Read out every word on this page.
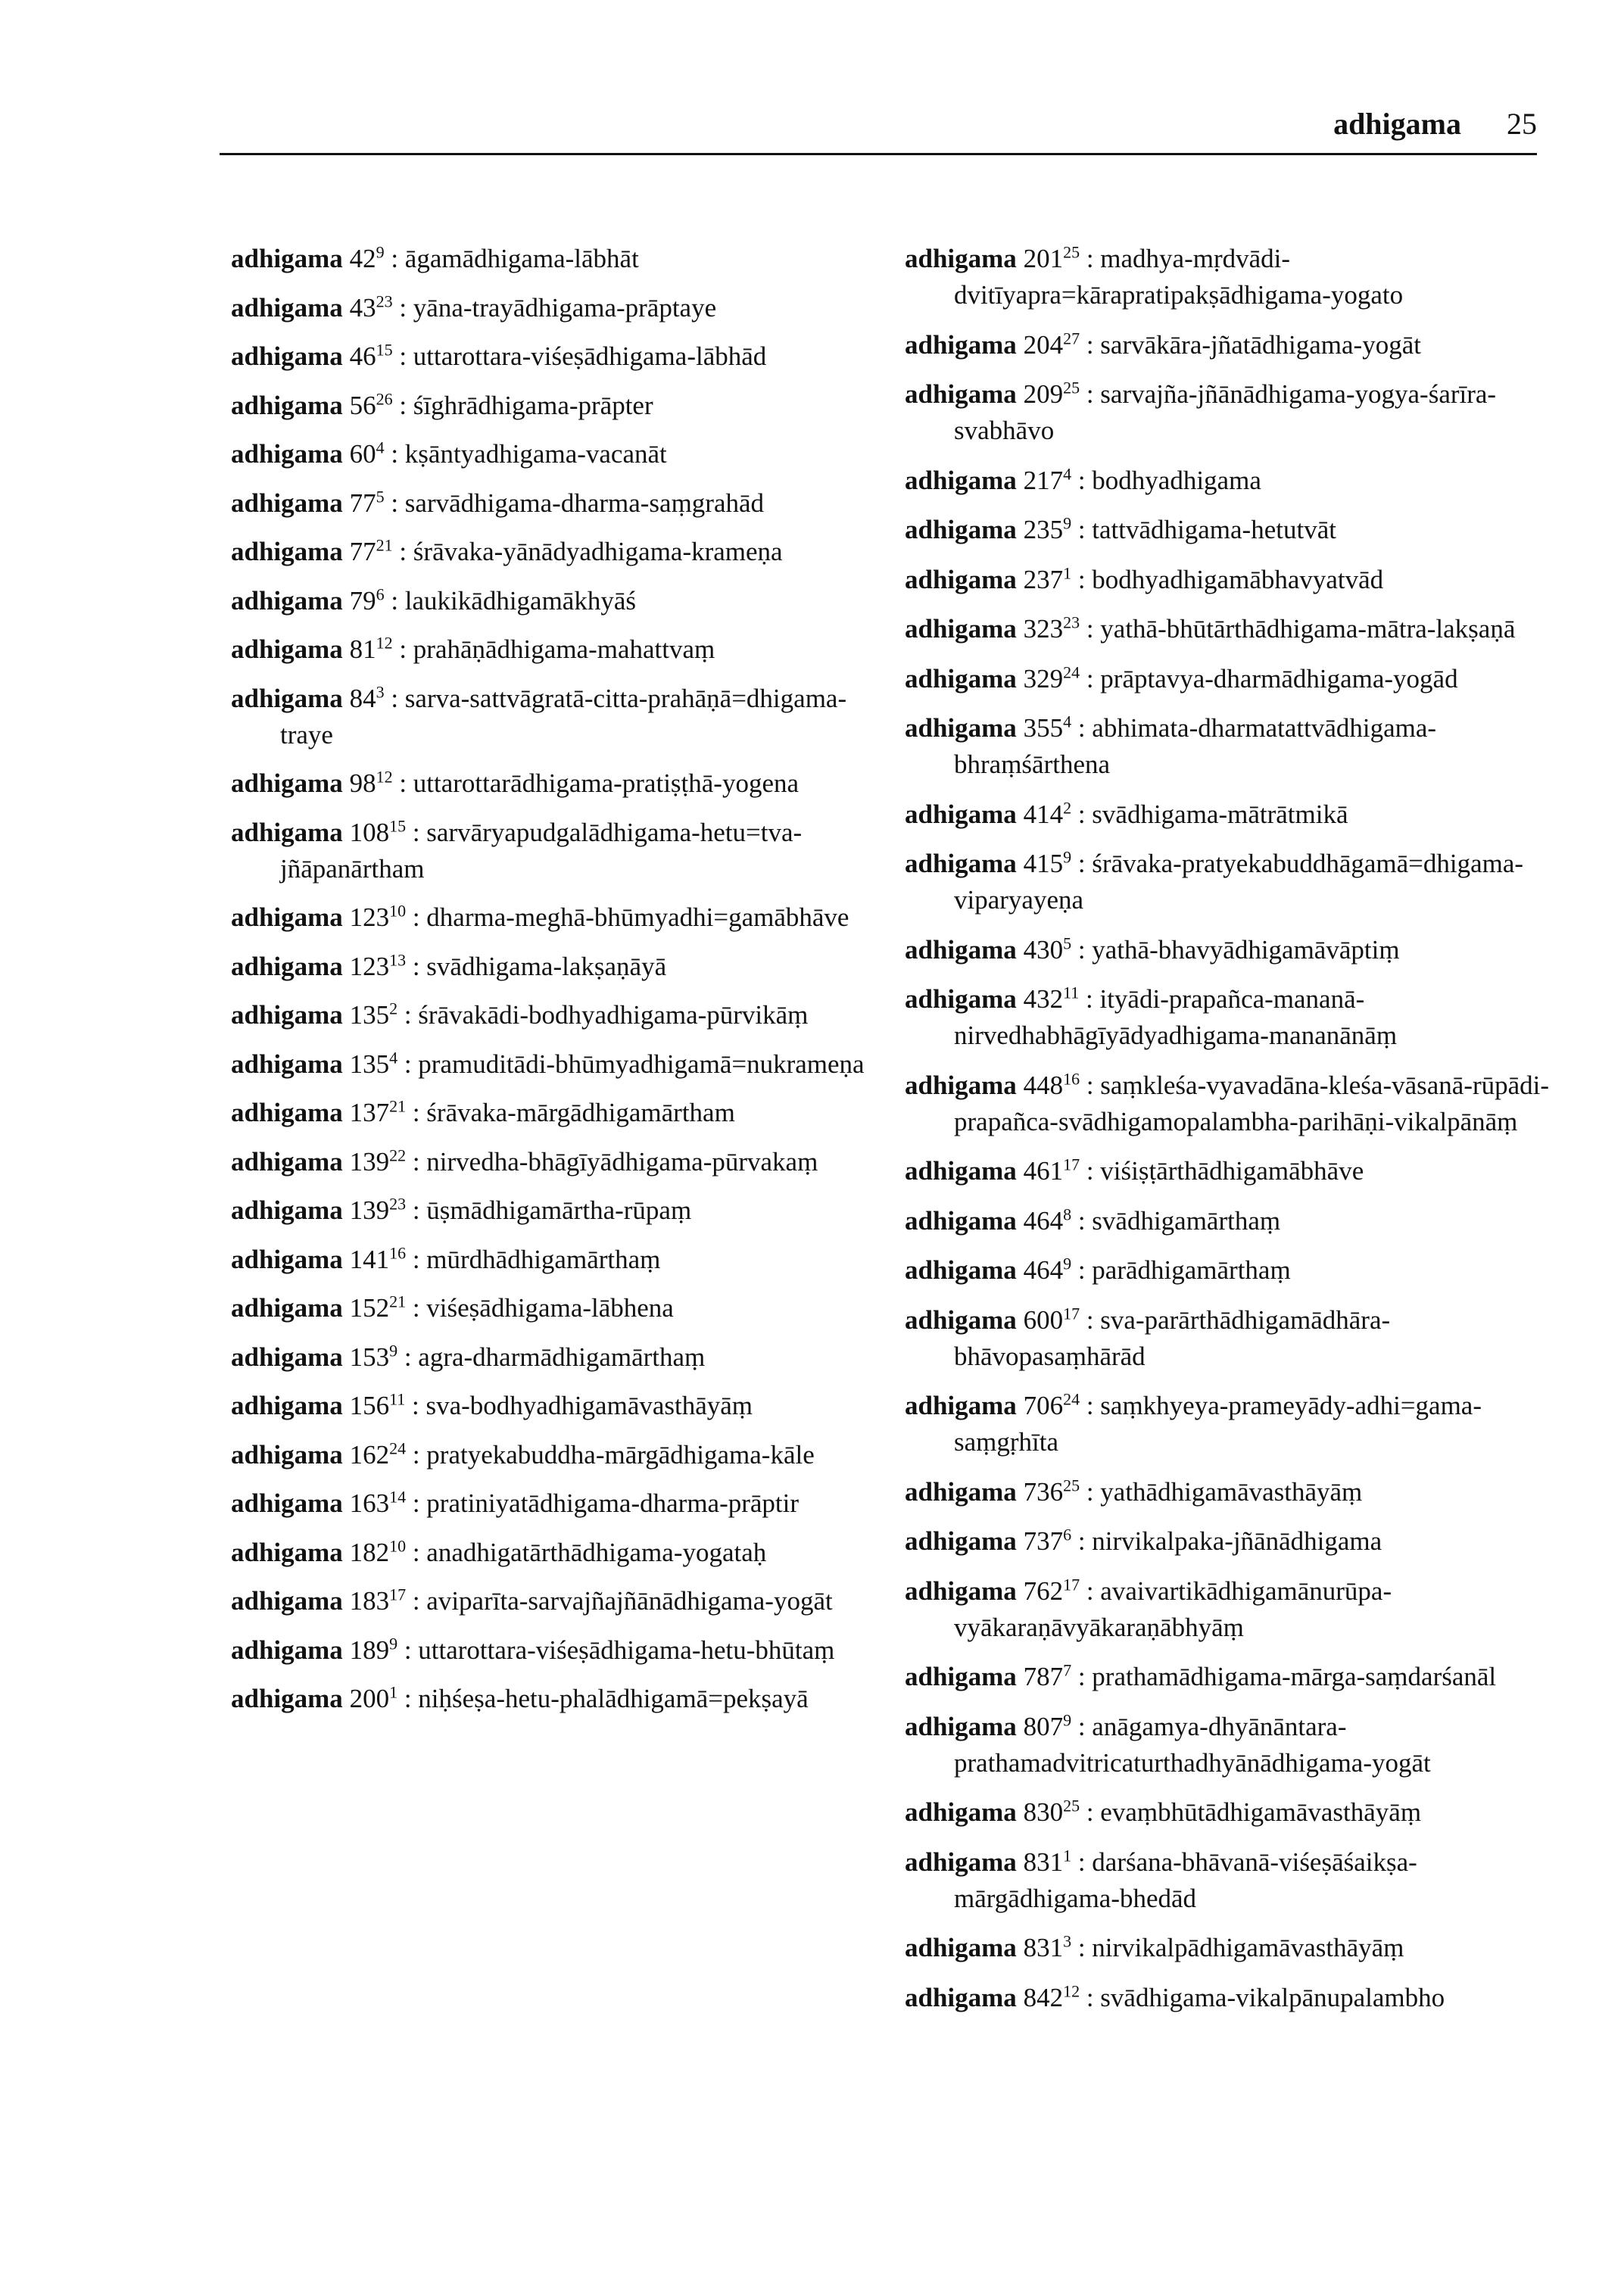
adhigama 25
adhigama $42^9$ : āgamādhigama-lābhāt
adhigama $43^{23}$ : yāna-trayādhigama-prāptaye
adhigama $46^{15}$ : uttarottara-viśeṣādhigama-lābhād
adhigama $56^{26}$ : śīghrādhigama-prāpter
adhigama $60^4$ : kṣāntyadhigama-vacanāt
adhigama $77^5$ : sarvādhigama-dharma-saṃgrahād
adhigama $77^{21}$ : śrāvaka-yānādyadhigama-krameṇa
adhigama $79^6$ : laukikādhigamākhyāś
adhigama $81^{12}$ : prahāṇādhigama-mahattvaṃ
adhigama $84^3$ : sarva-sattvāgratā-citta-prahāṇā=dhigama-traye
adhigama $98^{12}$ : uttarottarādhigama-pratiṣṭhā-yogena
adhigama $108^{15}$ : sarvāryapudgalādhigama-hetu=tva-jñāpanārtham
adhigama $123^{10}$ : dharma-meghā-bhūmyadhi=gamābhāve
adhigama $123^{13}$ : svādhigama-lakṣaṇāyā
adhigama $135^2$ : śrāvakādi-bodhyadhigama-pūrvikāṃ
adhigama $135^4$ : pramuditādi-bhūmyadhigamā=nukrameṇa
adhigama $137^{21}$ : śrāvaka-mārgādhigamārtham
adhigama $139^{22}$ : nirvedha-bhāgīyādhigama-pūrvakaṃ
adhigama $139^{23}$ : ūṣmādhigamārtha-rūpaṃ
adhigama $141^{16}$ : mūrdhādhigamārthaṃ
adhigama $152^{21}$ : viśeṣādhigama-lābhena
adhigama $153^9$ : agra-dharmādhigamārthaṃ
adhigama $156^{11}$ : sva-bodhyadhigamāvasthāyāṃ
adhigama $162^{24}$ : pratyekabuddha-mārgādhigama-kāle
adhigama $163^{14}$ : pratiniyatādhigama-dharma-prāptir
adhigama $182^{10}$ : anadhigatārthādhigama-yogataḥ
adhigama $183^{17}$ : aviparīta-sarvajñajñānādhigama-yogāt
adhigama $189^9$ : uttarottara-viśeṣādhigama-hetu-bhūtaṃ
adhigama $200^1$ : niḥśeṣa-hetu-phalādhigamā=pekṣayā
adhigama $201^{25}$ : madhya-mṛdvādi-dvitīyapra=kārapratipakṣādhigama-yogato
adhigama $204^{27}$ : sarvākāra-jñatādhigama-yogāt
adhigama $209^{25}$ : sarvajña-jñānādhigama-yogya-śarīra-svabhāvo
adhigama $217^4$ : bodhyadhigama
adhigama $235^9$ : tattvādhigama-hetutvāt
adhigama $237^1$ : bodhyadhigamābhavyatvād
adhigama $323^{23}$ : yathā-bhūtārthādhigama-mātra-lakṣaṇā
adhigama $329^{24}$ : prāptavya-dharmādhigama-yogād
adhigama $355^4$ : abhimata-dharmatattvādhigama-bhraṃśārthena
adhigama $414^2$ : svādhigama-mātrātmikā
adhigama $415^9$ : śrāvaka-pratyekabuddhāgamā=dhigama-viparyayeṇa
adhigama $430^5$ : yathā-bhavyādhigamāvāptiṃ
adhigama $432^{11}$ : ityādi-prapañca-mananā-nirvedhabhāgīyādyadhigama-mananānāṃ
adhigama $448^{16}$ : saṃkleśa-vyavadāna-kleśa-vāsanā-rūpādi-prapañca-svādhigamopalambha-parihāṇi-vikalpānāṃ
adhigama $461^{17}$ : viśiṣṭārthādhigamābhāve
adhigama $464^8$ : svādhigamārthaṃ
adhigama $464^9$ : parādhigamārthaṃ
adhigama $600^{17}$ : sva-parārthādhigamādhāra-bhāvopasaṃhārād
adhigama $706^{24}$ : saṃkhyeya-prameyādy-adhi=gama-saṃgṛhīta
adhigama $736^{25}$ : yathādhigamāvasthāyāṃ
adhigama $737^6$ : nirvikalpaka-jñānādhigama
adhigama $762^{17}$ : avaivartikādhigamānurūpa-vyākaraṇāvyākaraṇābhyāṃ
adhigama $787^7$ : prathamādhigama-mārga-saṃdarśanāl
adhigama $807^9$ : anāgamya-dhyānāntara-prathamadvitricaturthadhyānādhigama-yogāt
adhigama $830^{25}$ : evaṃbhūtādhigamāvasthāyāṃ
adhigama $831^1$ : darśana-bhāvanā-viśeṣāśaikṣa-mārgādhigama-bhedād
adhigama $831^3$ : nirvikalpādhigamāvasthāyāṃ
adhigama $842^{12}$ : svādhigama-vikalpānupalambho
